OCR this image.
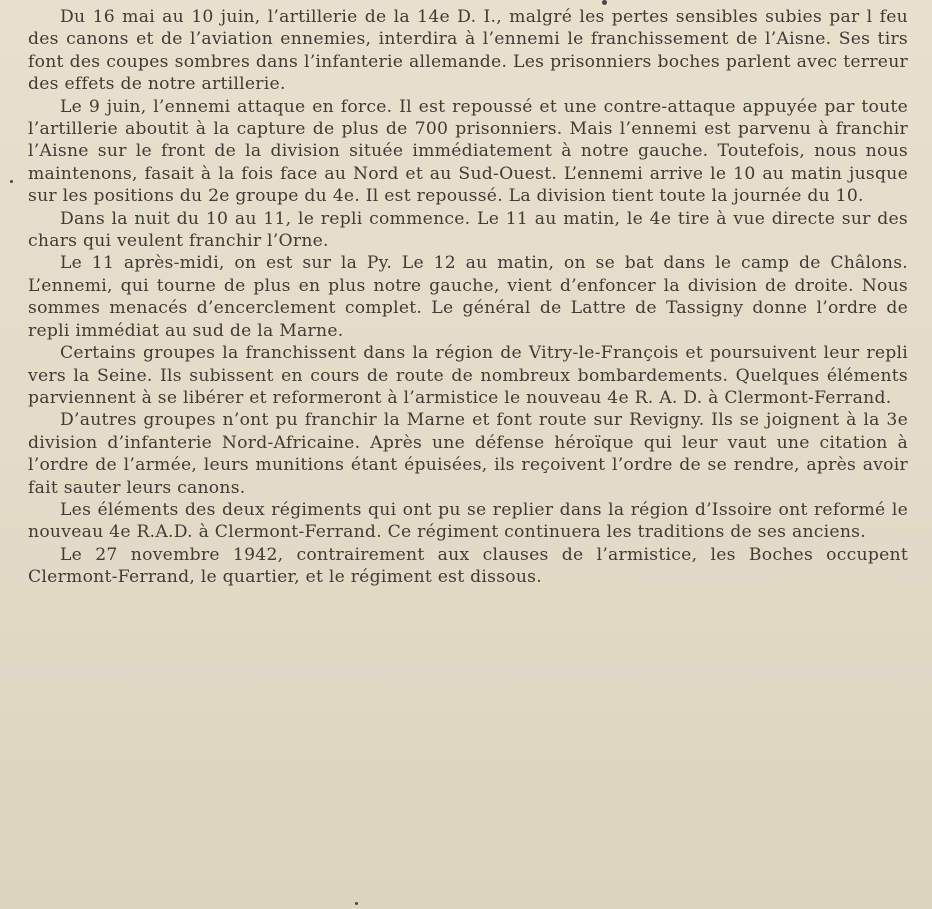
Du 16 mai au 10 juin, l’artillerie de la 14e D. I., malgré les pertes sensibles subies par l feu des canons et de l’aviation ennemies, interdira à l’ennemi le franchissement de l’Aisne. Ses tirs font des coupes sombres dans l’infanterie allemande. Les prisonniers boches parlent avec terreur des effets de notre artillerie.

Le 9 juin, l’ennemi attaque en force. Il est repoussé et une contre-attaque appuyée par toute l’artillerie aboutit à la capture de plus de 700 prisonniers. Mais l’ennemi est parvenu à franchir l’Aisne sur le front de la division située immédiatement à notre gauche. Toutefois, nous nous maintenons, fasait à la fois face au Nord et au Sud-Ouest. L’ennemi arrive le 10 au matin jusque sur les positions du 2e groupe du 4e. Il est repoussé. La division tient toute la journée du 10.

Dans la nuit du 10 au 11, le repli commence. Le 11 au matin, le 4e tire à vue directe sur des chars qui veulent franchir l’Orne.

Le 11 après-midi, on est sur la Py. Le 12 au matin, on se bat dans le camp de Châlons. L’ennemi, qui tourne de plus en plus notre gauche, vient d’enfoncer la division de droite. Nous sommes menacés d’encerclement complet. Le général de Lattre de Tassigny donne l’ordre de repli immédiat au sud de la Marne.

Certains groupes la franchissent dans la région de Vitry-le-François et poursuivent leur repli vers la Seine. Ils subissent en cours de route de nombreux bombardements. Quelques éléments parviennent à se libérer et reformeront à l’armistice le nouveau 4e R. A. D. à Clermont-Ferrand.

D’autres groupes n’ont pu franchir la Marne et font route sur Revigny. Ils se joignent à la 3e division d’infanterie Nord-Africaine. Après une défense héroïque qui leur vaut une citation à l’ordre de l’armée, leurs munitions étant épuisées, ils reçoivent l’ordre de se rendre, après avoir fait sauter leurs canons.

Les éléments des deux régiments qui ont pu se replier dans la région d’Issoire ont reformé le nouveau 4e R.A.D. à Clermont-Ferrand. Ce régiment continuera les traditions de ses anciens.

Le 27 novembre 1942, contrairement aux clauses de l’armistice, les Boches occupent Clermont-Ferrand, le quartier, et le régiment est dissous.
